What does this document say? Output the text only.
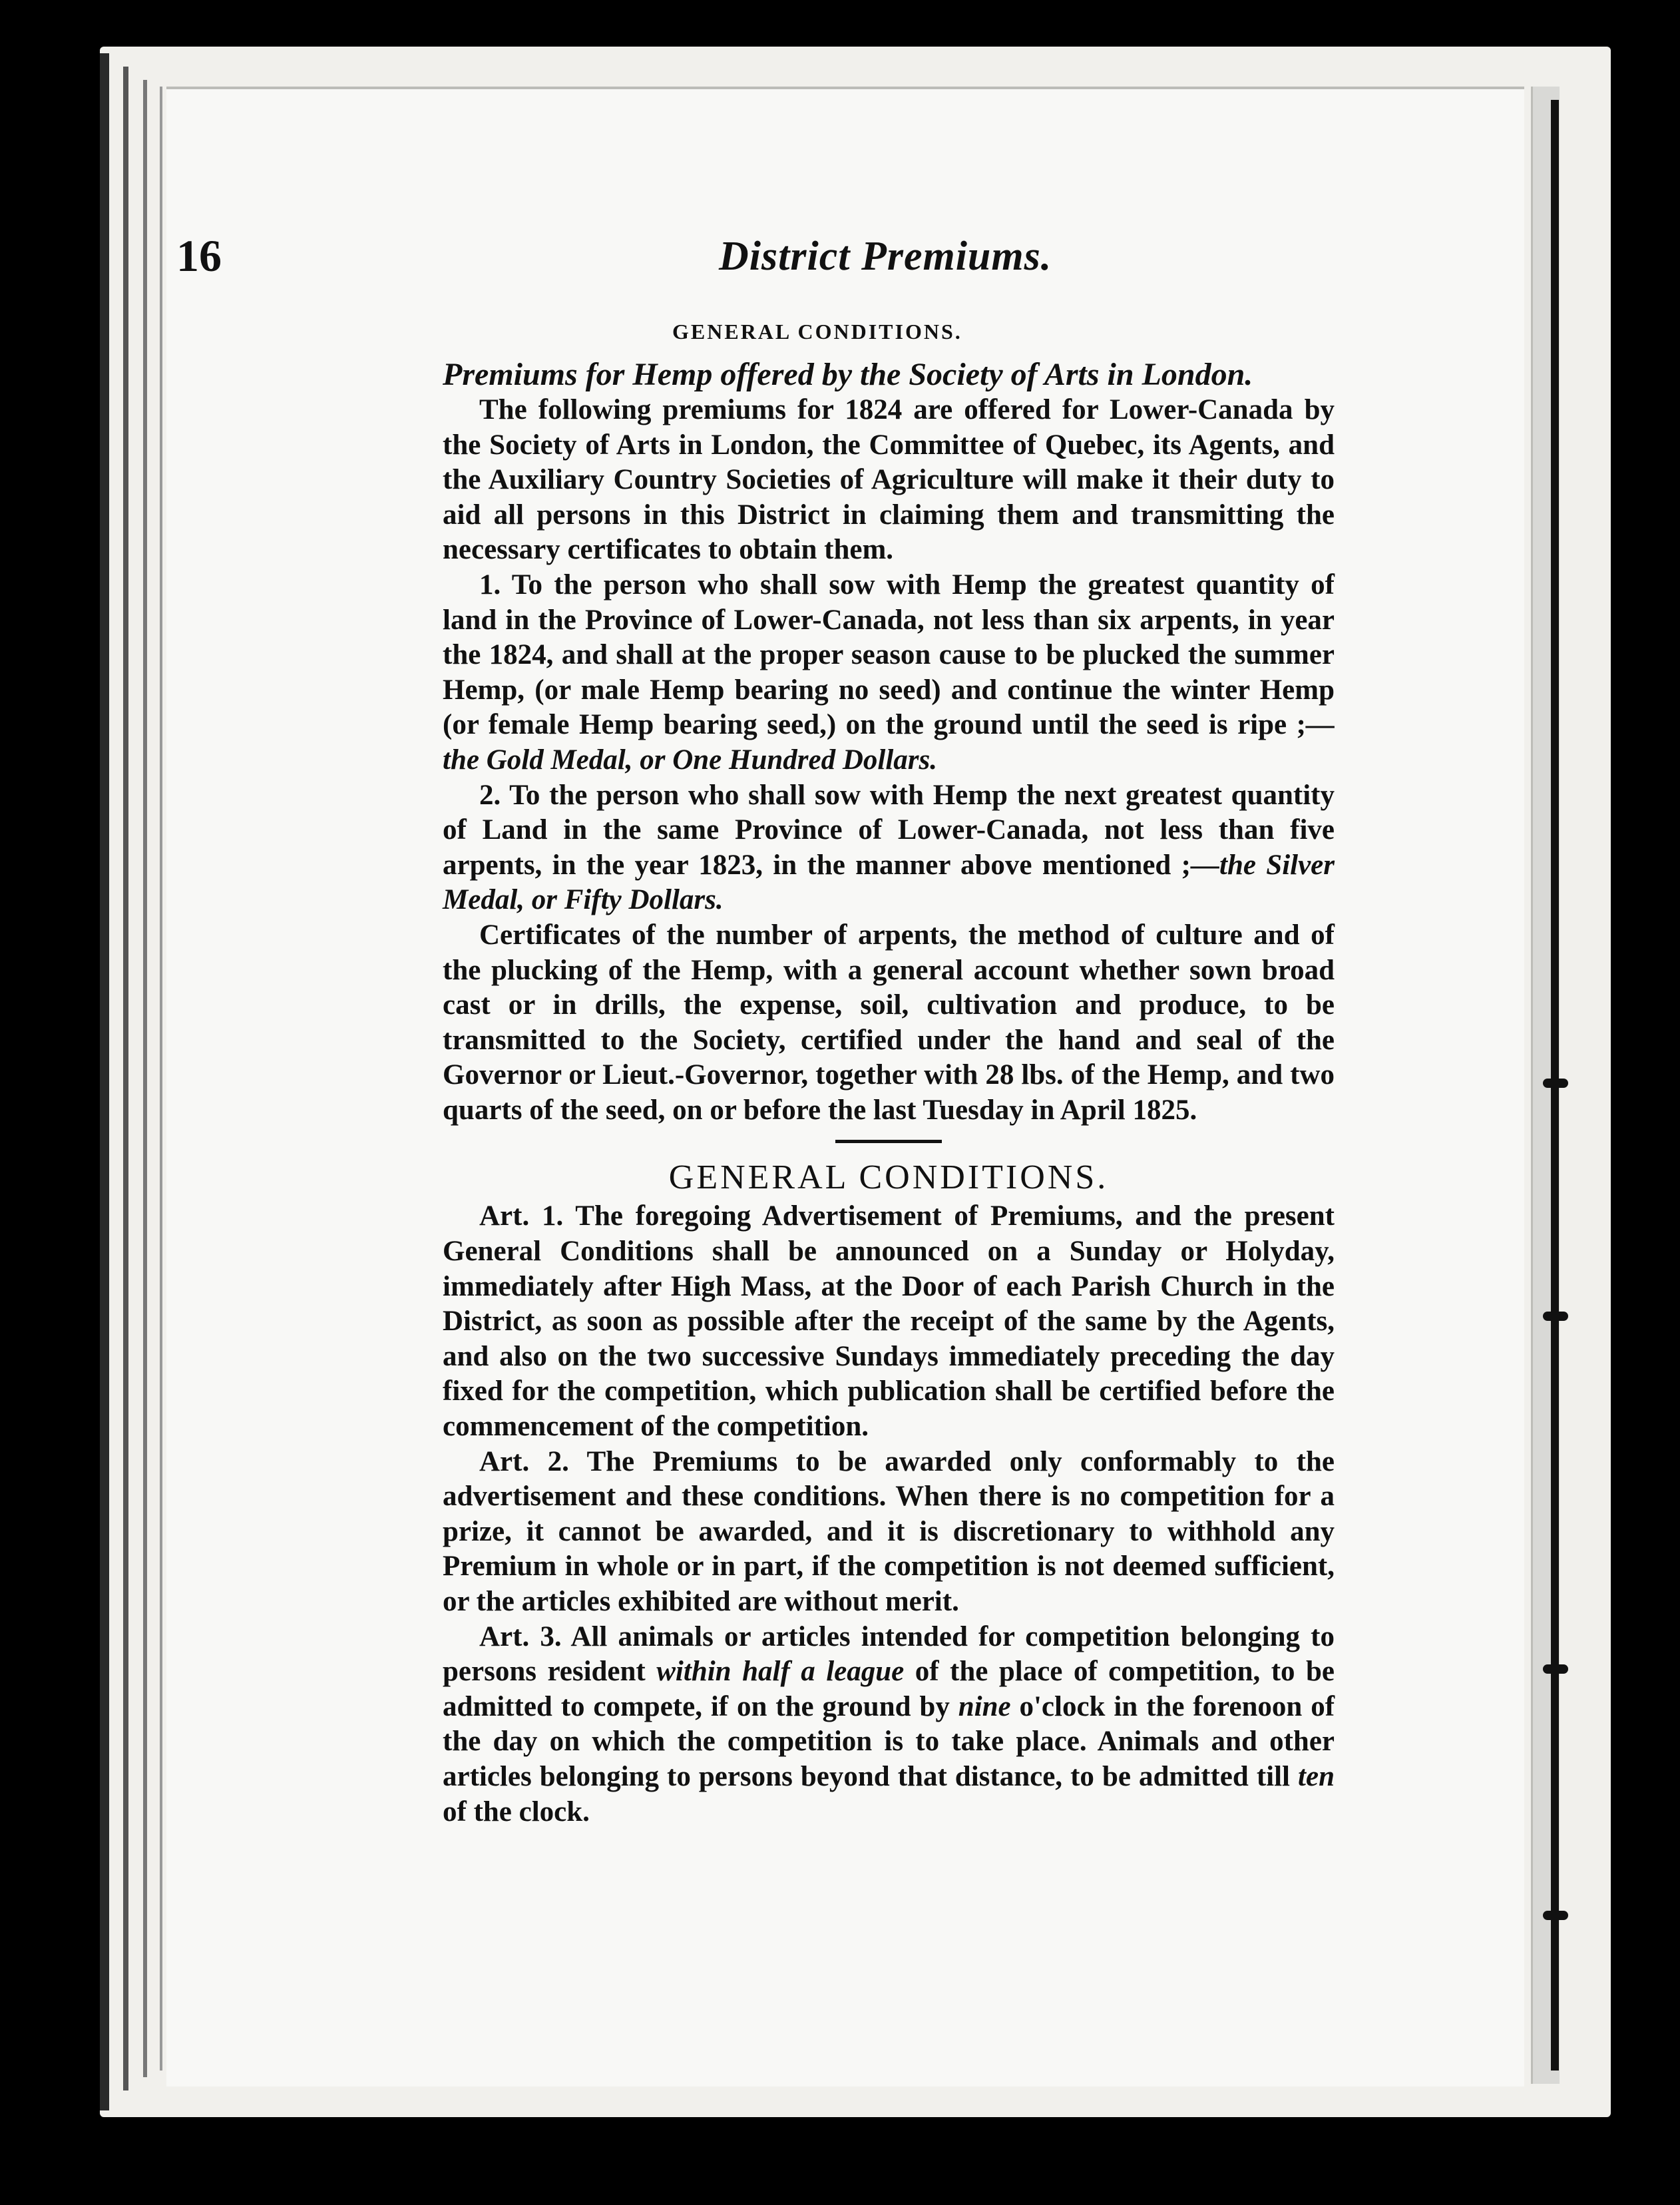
16	District Premiums.
GENERAL CONDITIONS.
Premiums for Hemp offered by the Society of Arts in London.

The following premiums for 1824 are offered for Lower-Canada by the Society of Arts in London, the Committee of Quebec, its Agents, and the Auxiliary Country Societies of Agriculture will make it their duty to aid all persons in this District in claiming them and transmitting the necessary certificates to obtain them.

1. To the person who shall sow with Hemp the greatest quantity of land in the Province of Lower-Canada, not less than six arpents, in year the 1824, and shall at the proper season cause to be plucked the summer Hemp, (or male Hemp bearing no seed) and continue the winter Hemp (or female Hemp bearing seed,) on the ground until the seed is ripe ;—the Gold Medal, or One Hundred Dollars.

2. To the person who shall sow with Hemp the next greatest quantity of Land in the same Province of Lower-Canada, not less than five arpents, in the year 1823, in the manner above mentioned ;—the Silver Medal, or Fifty Dollars.

Certificates of the number of arpents, the method of culture and of the plucking of the Hemp, with a general account whether sown broad cast or in drills, the expense, soil, cultivation and produce, to be transmitted to the Society, certified under the hand and seal of the Governor or Lieut.-Governor, together with 28 lbs. of the Hemp, and two quarts of the seed, on or before the last Tuesday in April 1825.

GENERAL CONDITIONS.

Art. 1. The foregoing Advertisement of Premiums, and the present General Conditions shall be announced on a Sunday or Holyday, immediately after High Mass, at the Door of each Parish Church in the District, as soon as possible after the receipt of the same by the Agents, and also on the two successive Sundays immediately preceding the day fixed for the competition, which publication shall be certified before the commencement of the competition.

Art. 2. The Premiums to be awarded only conformably to the advertisement and these conditions. When there is no competition for a prize, it cannot be awarded, and it is discretionary to withhold any Premium in whole or in part, if the competition is not deemed sufficient, or the articles exhibited are without merit.

Art. 3. All animals or articles intended for competition belonging to persons resident within half a league of the place of competition, to be admitted to compete, if on the ground by nine o'clock in the forenoon of the day on which the competition is to take place. Animals and other articles belonging to persons beyond that distance, to be admitted till ten of the clock.
